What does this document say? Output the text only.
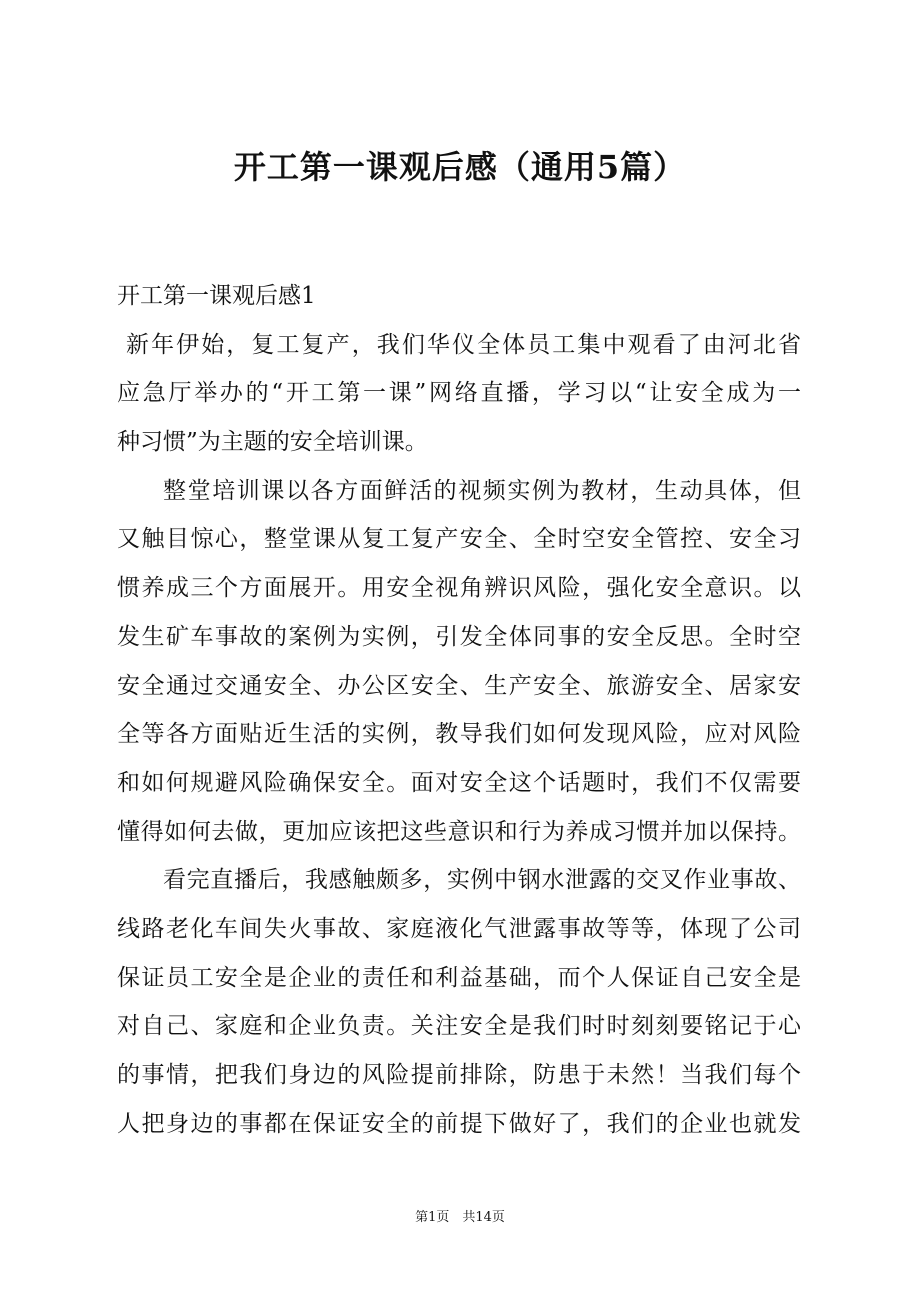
开工第一课观后感（通用5篇）
开工第一课观后感1
新年伊始，复工复产，我们华仪全体员工集中观看了由河北省
应急厅举办的“开工第一课”网络直播，学习以“让安全成为一
种习惯”为主题的安全培训课。
整堂培训课以各方面鲜活的视频实例为教材，生动具体，但
又触目惊心，整堂课从复工复产安全、全时空安全管控、安全习
惯养成三个方面展开。用安全视角辨识风险，强化安全意识。以
发生矿车事故的案例为实例，引发全体同事的安全反思。全时空
安全通过交通安全、办公区安全、生产安全、旅游安全、居家安
全等各方面贴近生活的实例，教导我们如何发现风险，应对风险
和如何规避风险确保安全。面对安全这个话题时，我们不仅需要
懂得如何去做，更加应该把这些意识和行为养成习惯并加以保持。
看完直播后，我感触颇多，实例中钢水泄露的交叉作业事故、
线路老化车间失火事故、家庭液化气泄露事故等等，体现了公司
保证员工安全是企业的责任和利益基础，而个人保证自己安全是
对自己、家庭和企业负责。关注安全是我们时时刻刻要铭记于心
的事情，把我们身边的风险提前排除，防患于未然！当我们每个
人把身边的事都在保证安全的前提下做好了，我们的企业也就发
第1页　共14页
